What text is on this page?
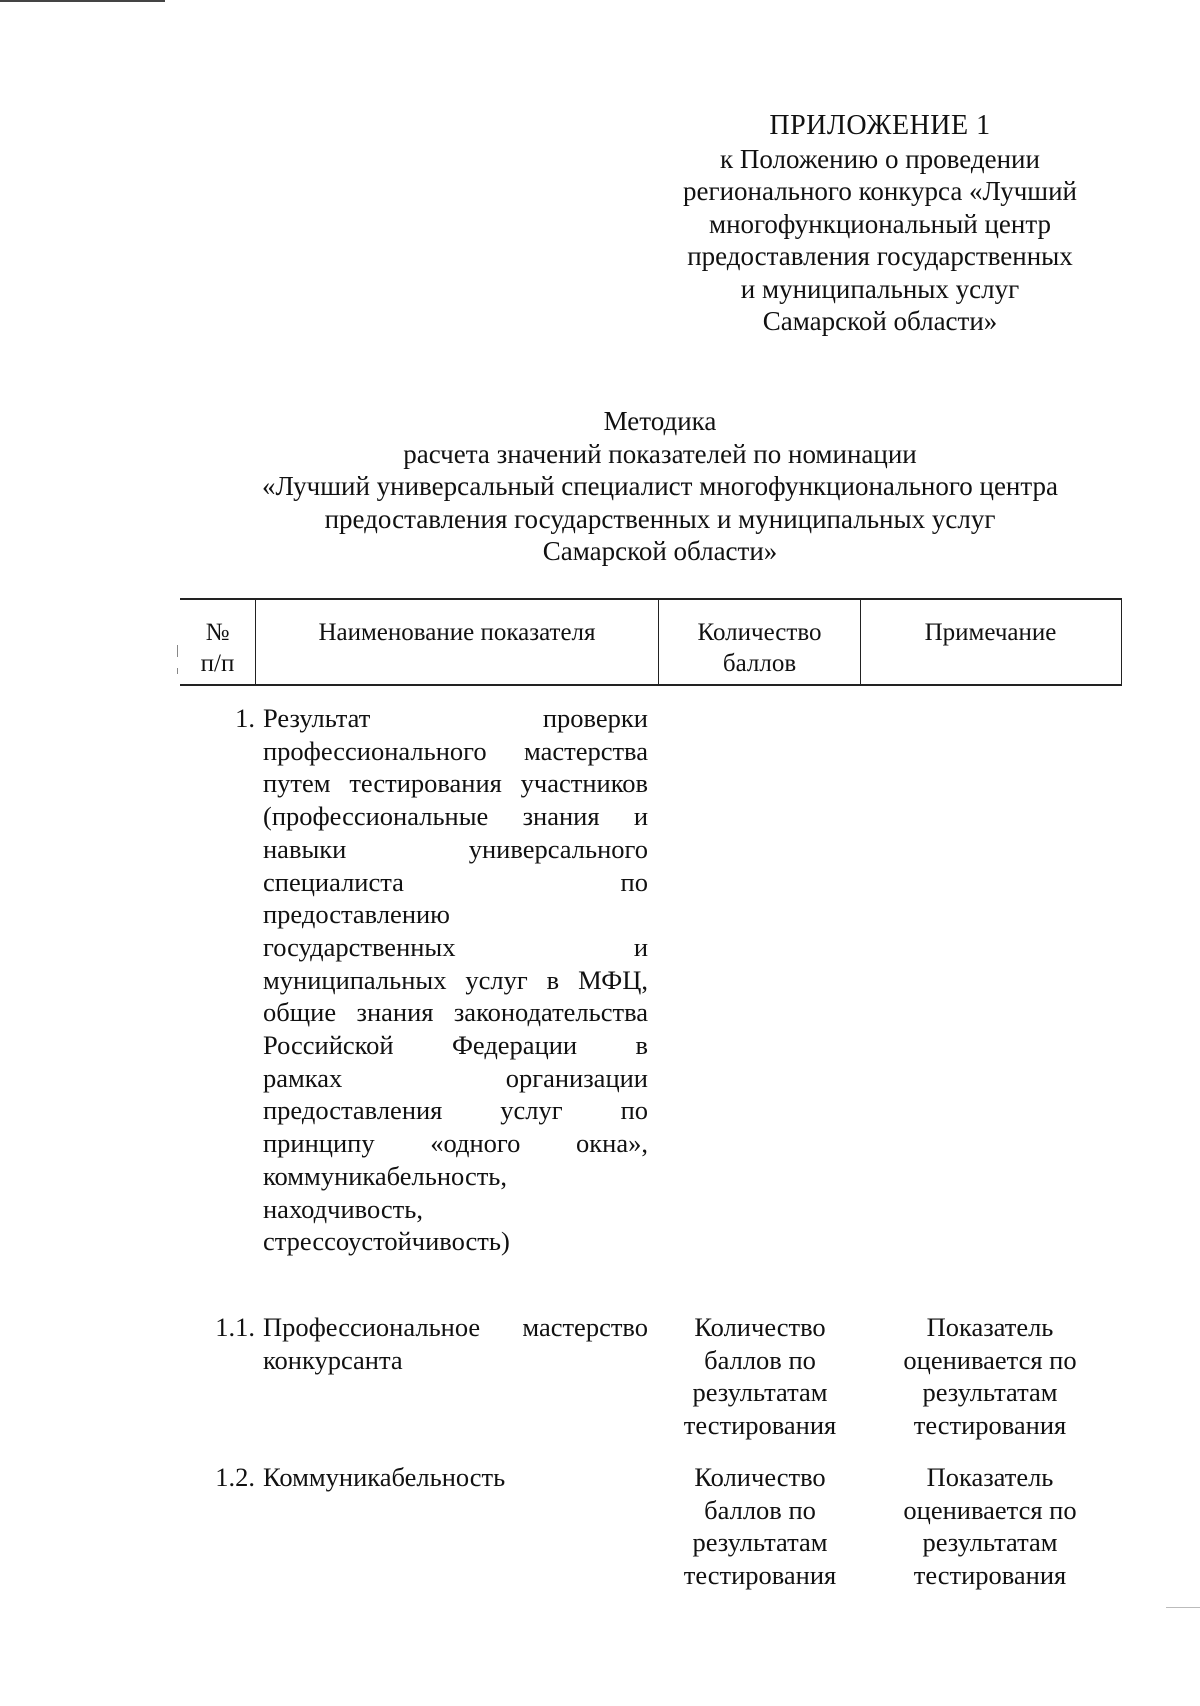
ПРИЛОЖЕНИЕ 1
к Положению о проведении
регионального конкурса «Лучший
многофункциональный центр
предоставления государственных
и муниципальных услуг
Самарской области»
Методика
расчета значений показателей по номинации
«Лучший универсальный специалист многофункционального центра
предоставления государственных и муниципальных услуг
Самарской области»
№
п/п
Наименование показателя	Количество
баллов
Примечание
1. Результат проверки
профессионального мастерства
путем тестирования участников
(профессиональные знания и
навыки универсального
специалиста по
предоставлению
государственных и
муниципальных услуг в МФЦ,
общие знания законодательства
Российской Федерации в
рамках организации
предоставления услуг по
принципу «одного окна»,
коммуникабельность,
находчивость,
стрессоустойчивость)
1.1. Профессиональное мастерство
конкурсанта
Количество
баллов по
результатам
тестирования
Показатель
оценивается по
результатам
тестирования
1.2. Коммуникабельность	Количество
баллов по
результатам
тестирования
Показатель
оценивается по
результатам
тестирования
